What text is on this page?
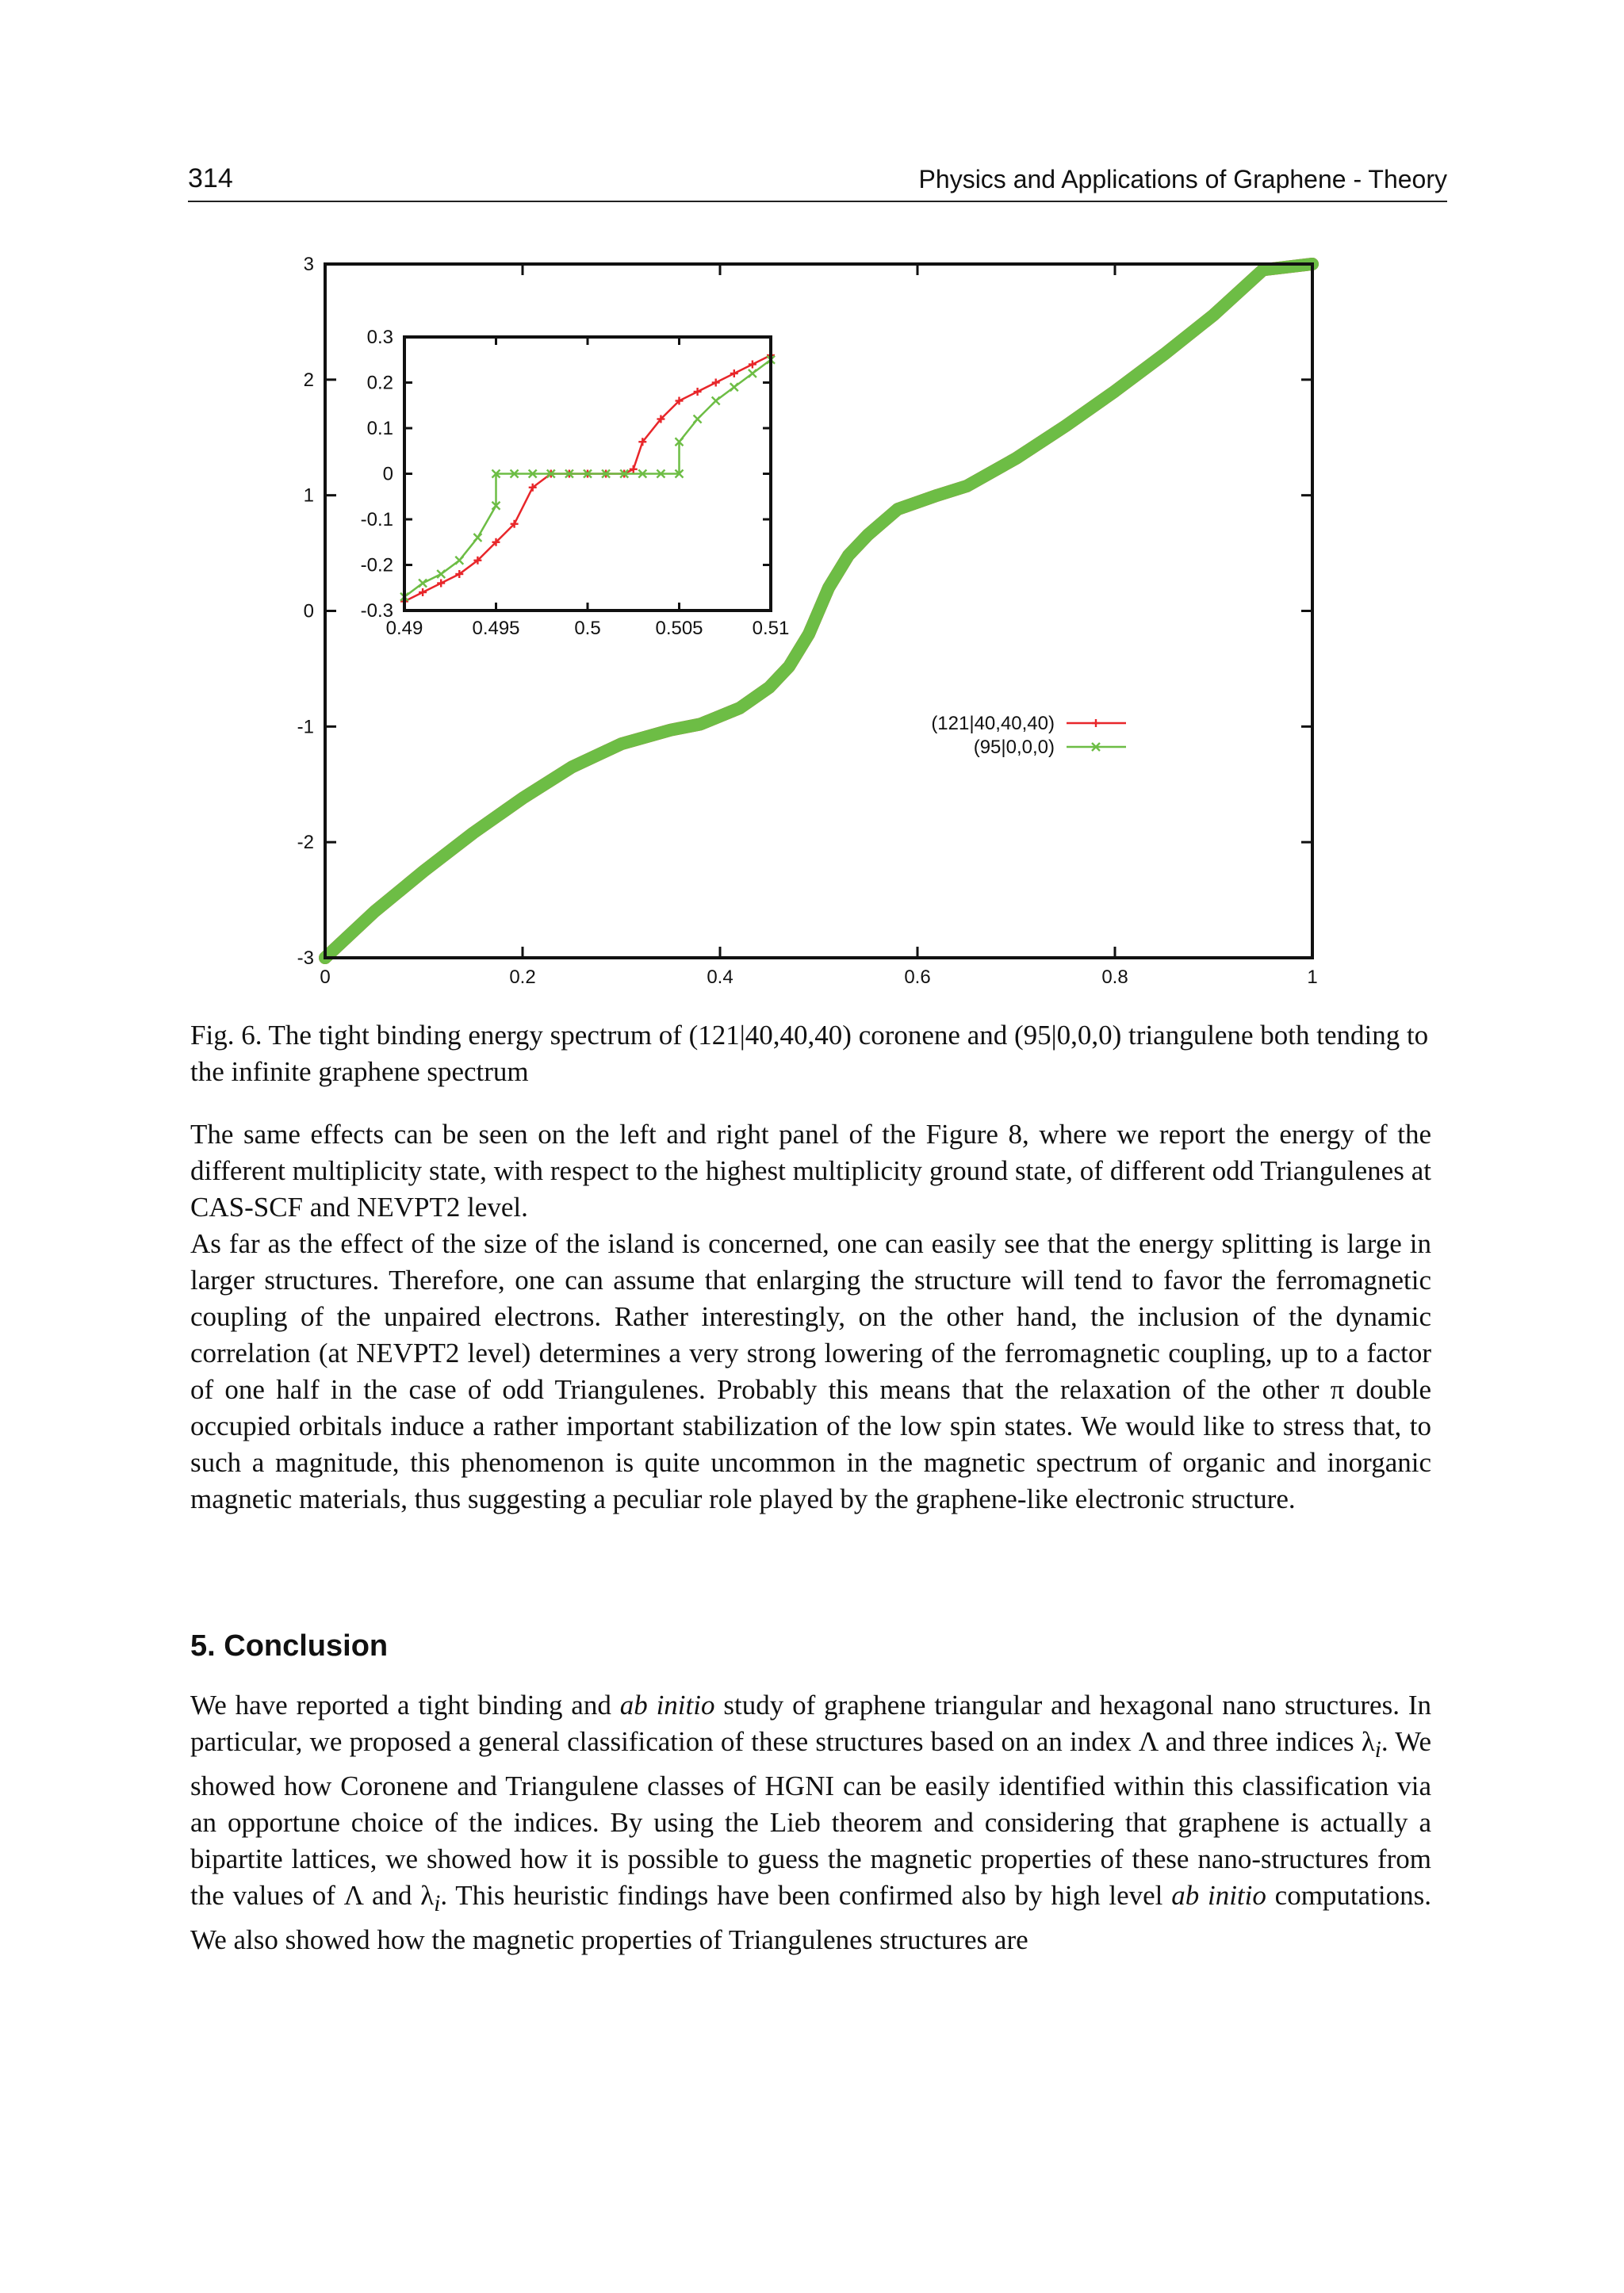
314	Physics and Applications of Graphene - Theory
0	0.2	0.4	0.6	0.8	1
-3
-2
-1
0
1
2
3
0.49	0.495	0.5	0.505	0.51
-0.3
-0.2
-0.1
0
0.1
0.2
0.3
(121|40,40,40)
(95|0,0,0)
Fig. 6. The tight binding energy spectrum of (121|40,40,40) coronene and (95|0,0,0) triangulene both tending to the infinite graphene spectrum

The same effects can be seen on the left and right panel of the Figure 8, where we report the energy of the different multiplicity state, with respect to the highest multiplicity ground state, of different odd Triangulenes at CAS-SCF and NEVPT2 level.

As far as the effect of the size of the island is concerned, one can easily see that the energy splitting is large in larger structures. Therefore, one can assume that enlarging the structure will tend to favor the ferromagnetic coupling of the unpaired electrons. Rather interestingly, on the other hand, the inclusion of the dynamic correlation (at NEVPT2 level) determines a very strong lowering of the ferromagnetic coupling, up to a factor of one half in the case of odd Triangulenes. Probably this means that the relaxation of the other π double occupied orbitals induce a rather important stabilization of the low spin states. We would like to stress that, to such a magnitude, this phenomenon is quite uncommon in the magnetic spectrum of organic and inorganic magnetic materials, thus suggesting a peculiar role played by the graphene-like electronic structure.

5. Conclusion

We have reported a tight binding and ab initio study of graphene triangular and hexagonal nano structures. In particular, we proposed a general classification of these structures based on an index Λ and three indices $\lambda_i$. We showed how Coronene and Triangulene classes of HGNI can be easily identified within this classification via an opportune choice of the indices. By using the Lieb theorem and considering that graphene is actually a bipartite lattices, we showed how it is possible to guess the magnetic properties of these nano-structures from the values of Λ and $\lambda_i$. This heuristic findings have been confirmed also by high level ab initio computations. We also showed how the magnetic properties of Triangulenes structures are
